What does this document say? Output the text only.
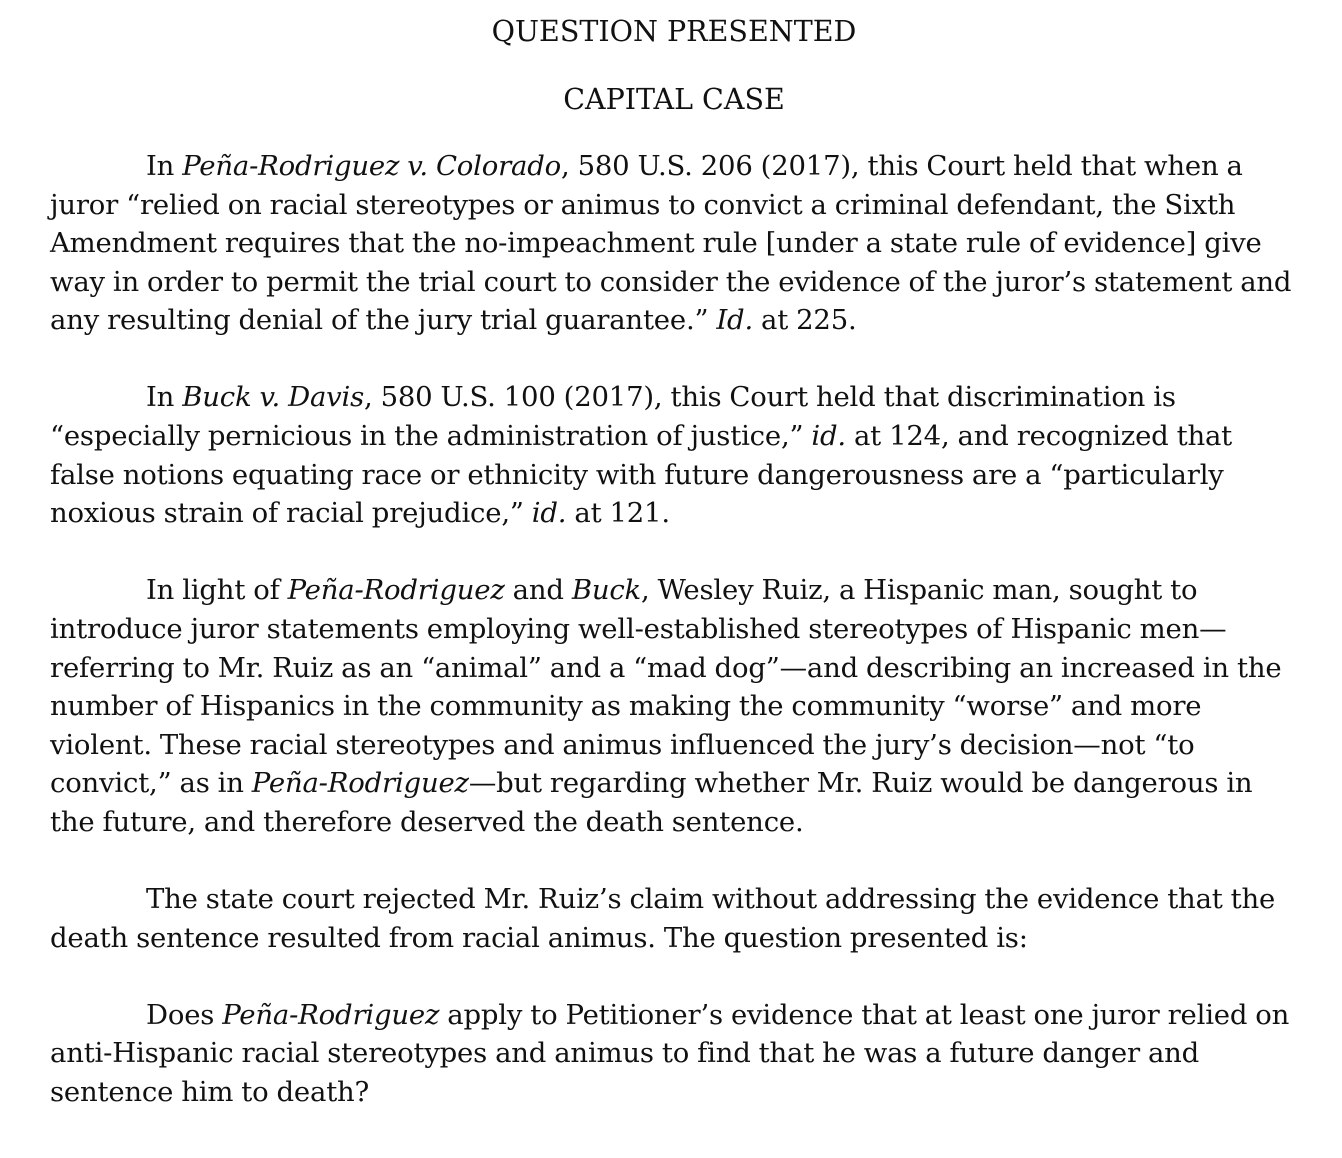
QUESTION PRESENTED
CAPITAL CASE

In Peña-Rodriguez v. Colorado, 580 U.S. 206 (2017), this Court held that when a juror “relied on racial stereotypes or animus to convict a criminal defendant, the Sixth Amendment requires that the no-impeachment rule [under a state rule of evidence] give way in order to permit the trial court to consider the evidence of the juror’s statement and any resulting denial of the jury trial guarantee.” Id. at 225.

In Buck v. Davis, 580 U.S. 100 (2017), this Court held that discrimination is “especially pernicious in the administration of justice,” id. at 124, and recognized that false notions equating race or ethnicity with future dangerousness are a “particularly noxious strain of racial prejudice,” id. at 121.

In light of Peña-Rodriguez and Buck, Wesley Ruiz, a Hispanic man, sought to introduce juror statements employing well-established stereotypes of Hispanic men—referring to Mr. Ruiz as an “animal” and a “mad dog”—and describing an increased in the number of Hispanics in the community as making the community “worse” and more violent. These racial stereotypes and animus influenced the jury’s decision—not “to convict,” as in Peña-Rodriguez—but regarding whether Mr. Ruiz would be dangerous in the future, and therefore deserved the death sentence.

The state court rejected Mr. Ruiz’s claim without addressing the evidence that the death sentence resulted from racial animus. The question presented is:

Does Peña-Rodriguez apply to Petitioner’s evidence that at least one juror relied on anti-Hispanic racial stereotypes and animus to find that he was a future danger and sentence him to death?
